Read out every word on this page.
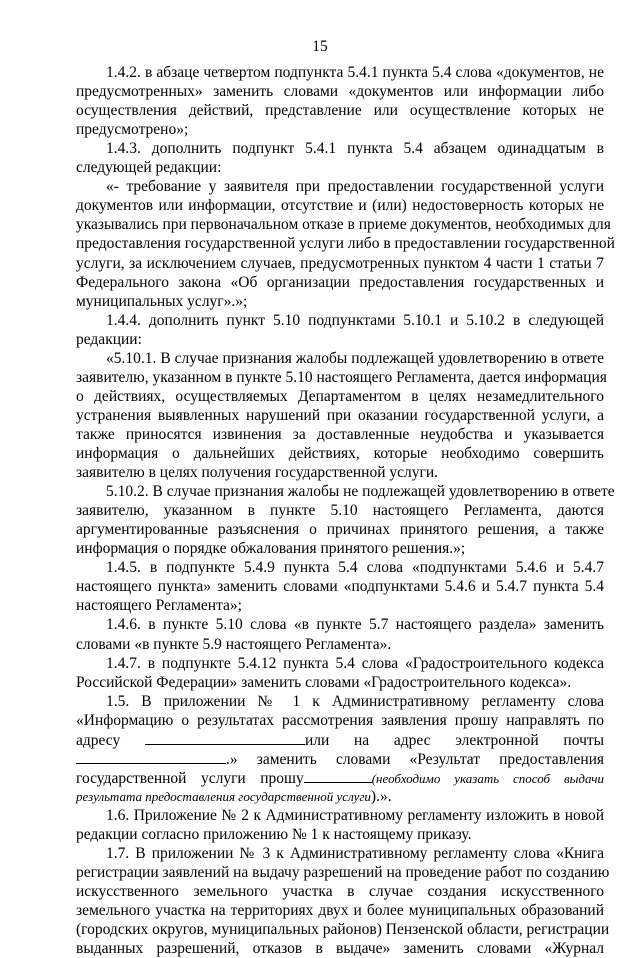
15
1.4.2. в абзаце четвертом подпункта 5.4.1 пункта 5.4 слова «документов, не
предусмотренных» заменить словами «документов или информации либо
осуществления действий, представление или осуществление которых не
предусмотрено»;
1.4.3. дополнить подпункт 5.4.1 пункта 5.4 абзацем одинадцатым в
следующей редакции:
«- требование у заявителя при предоставлении государственной услуги
документов или информации, отсутствие и (или) недостоверность которых не
указывались при первоначальном отказе в приеме документов, необходимых для
предоставления государственной услуги либо в предоставлении государственной
услуги, за исключением случаев, предусмотренных пунктом 4 части 1 статьи 7
Федерального закона «Об организации предоставления государственных и
муниципальных услуг».»;
1.4.4. дополнить пункт 5.10 подпунктами 5.10.1 и 5.10.2 в следующей
редакции:
«5.10.1. В случае признания жалобы подлежащей удовлетворению в ответе
заявителю, указанном в пункте 5.10 настоящего Регламента, дается информация
о действиях, осуществляемых Департаментом в целях незамедлительного
устранения выявленных нарушений при оказании государственной услуги, а
также приносятся извинения за доставленные неудобства и указывается
информация о дальнейших действиях, которые необходимо совершить
заявителю в целях получения государственной услуги.
5.10.2. В случае признания жалобы не подлежащей удовлетворению в ответе
заявителю, указанном в пункте 5.10 настоящего Регламента, даются
аргументированные разъяснения о причинах принятого решения, а также
информация о порядке обжалования принятого решения.»;
1.4.5. в подпункте 5.4.9 пункта 5.4 слова «подпунктами 5.4.6 и 5.4.7
настоящего пункта» заменить словами «подпунктами 5.4.6 и 5.4.7 пункта 5.4
настоящего Регламента»;
1.4.6. в пункте 5.10 слова «в пункте 5.7 настоящего раздела» заменить
словами «в пункте 5.9 настоящего Регламента».
1.4.7. в подпункте 5.4.12 пункта 5.4 слова «Градостроительного кодекса
Российской Федерации» заменить словами «Градостроительного кодекса».
1.5. В приложении № 1 к Административному регламенту слова
«Информацию о результатах рассмотрения заявления прошу направлять по
адресу	или на адрес электронной почты
.» заменить словами «Результат предоставления
государственной услуги прошу	(необходимо указать способ выдачи
результата предоставления государственной услуги).».
1.6. Приложение № 2 к Административному регламенту изложить в новой
редакции согласно приложению № 1 к настоящему приказу.
1.7. В приложении № 3 к Административному регламенту слова «Книга
регистрации заявлений на выдачу разрешений на проведение работ по созданию
искусственного земельного участка в случае создания искусственного
земельного участка на территориях двух и более муниципальных образований
(городских округов, муниципальных районов) Пензенской области, регистрации
выданных разрешений, отказов в выдаче» заменить словами «Журнал
